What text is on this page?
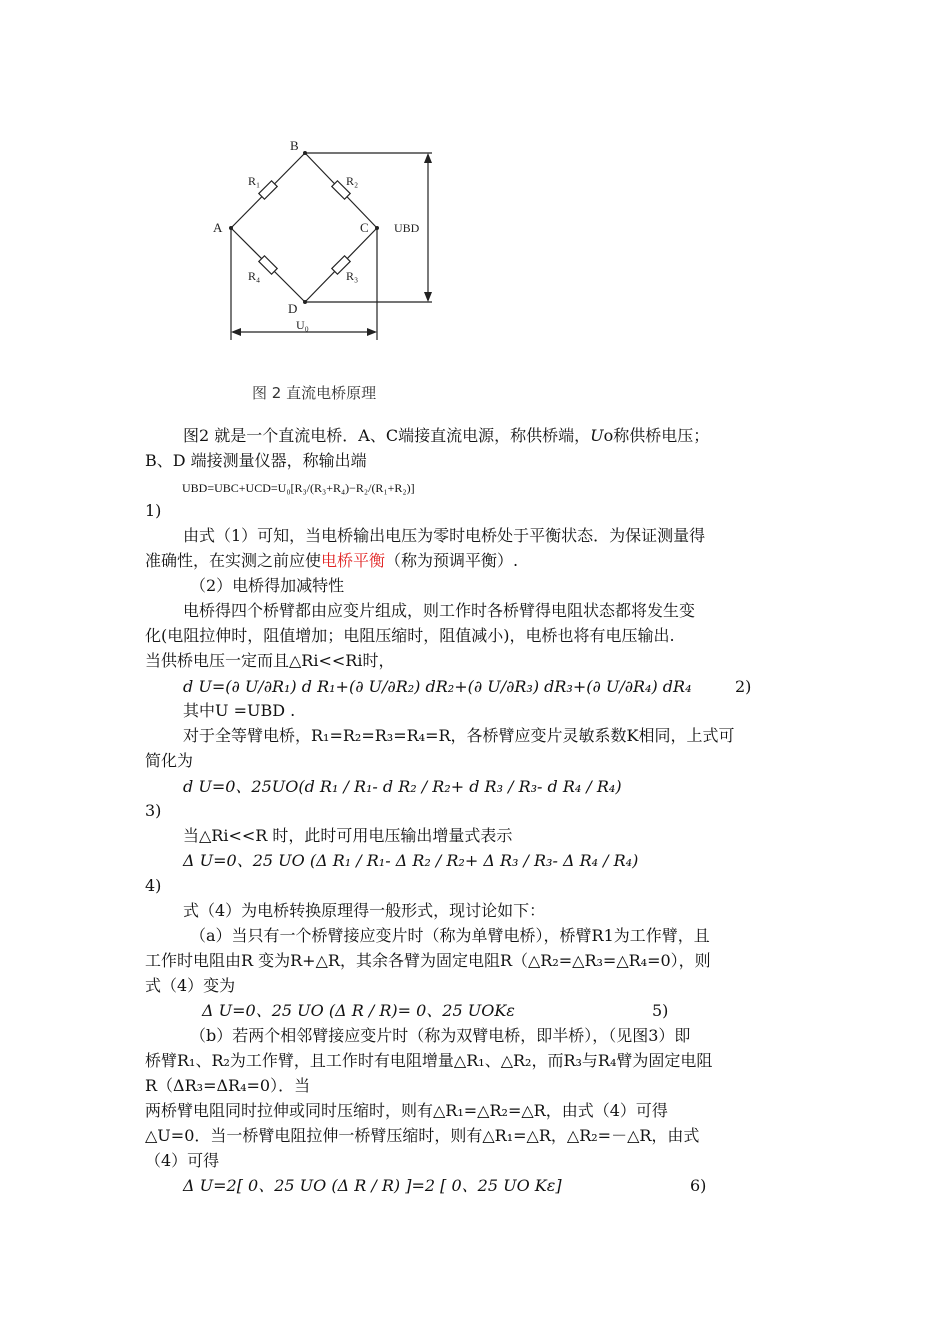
A
B
C
D
R₁	R₂
R₃
R₄
UBD
U₀
图 2 直流电桥原理
图2 就是一个直流电桥．A、C端接直流电源，称供桥端，Uo称供桥电压；
B、D 端接测量仪器，称输出端
UBD=UBC+UCD=U₀[R₃/(R₃+R₄)−R₂/(R₁+R₂)]
1)
由式（1）可知，当电桥输出电压为零时电桥处于平衡状态．为保证测量得
准确性，在实测之前应使电桥平衡（称为预调平衡）.
（2）电桥得加减特性
电桥得四个桥臂都由应变片组成，则工作时各桥臂得电阻状态都将发生变
化(电阻拉伸时，阻值增加；电阻压缩时，阻值减小)，电桥也将有电压输出.
当供桥电压一定而且△Ri<<Ri时，
d U=(∂ U/∂R₁) d R₁+(∂ U/∂R₂) dR₂+(∂ U/∂R₃) dR₃+(∂ U/∂R₄) dR₄	2)
其中U =UBD .
对于全等臂电桥，R₁=R₂=R₃=R₄=R，各桥臂应变片灵敏系数K相同，上式可
简化为
d U=0、25UO(d R₁ / R₁- d R₂ / R₂+ d R₃ / R₃- d R₄ / R₄)
3)
当△Ri<<R 时，此时可用电压输出增量式表示
Δ U=0、25 UO (Δ R₁ / R₁- Δ R₂ / R₂+ Δ R₃ / R₃- Δ R₄ / R₄)
4)
式（4）为电桥转换原理得一般形式，现讨论如下：
（a）当只有一个桥臂接应变片时（称为单臂电桥），桥臂R1为工作臂，且
工作时电阻由R 变为R+△R，其余各臂为固定电阻R（△R₂=△R₃=△R₄=0），则
式（4）变为
Δ U=0、25 UO (Δ R / R)= 0、25 UOKε	5)
（b）若两个相邻臂接应变片时（称为双臂电桥，即半桥），（见图3）即
桥臂R₁、R₂为工作臂，且工作时有电阻增量△R₁、△R₂，而R₃与R₄臂为固定电阻
R（ΔR₃=ΔR₄=0）．当
两桥臂电阻同时拉伸或同时压缩时，则有△R₁=△R₂=△R，由式（4）可得
△U=0．当一桥臂电阻拉伸一桥臂压缩时，则有△R₁=△R，△R₂=－△R，由式
（4）可得
Δ U=2[ 0、25 UO (Δ R / R) ]=2 [ 0、25 UO Kε]	6)
